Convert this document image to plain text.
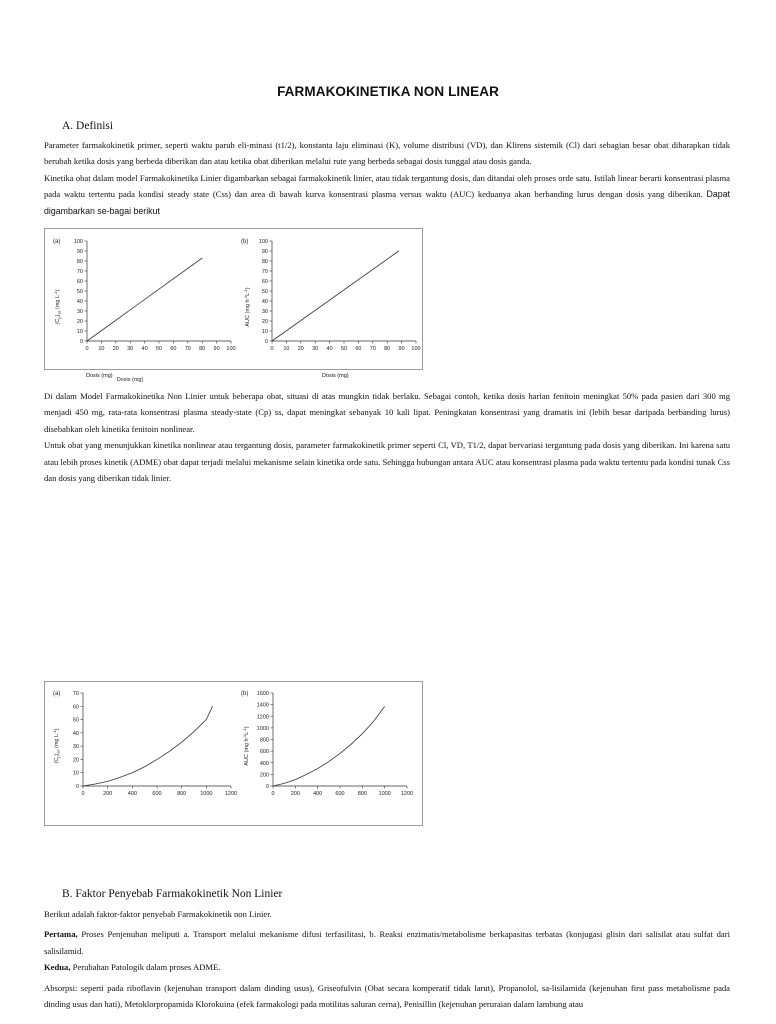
FARMAKOKINETIKA NON LINEAR
A. Definisi

Parameter farmakokinetik primer, seperti waktu paruh eli-minasi (t1/2), konstanta laju eliminasi (K), volume distribusi (VD), dan Klirens sistemik (Cl) dari sebagian besar obat diharapkan tidak berubah ketika dosis yang berbeda diberikan dan atau ketika obat diberikan melalui rute yang berbeda sebagai dosis tunggal atau dosis ganda.

Kinetika obat dalam model Farmakokinetika Linier digambarkan sebagai farmakokinetik linier, atau tidak tergantung dosis, dan ditandai oleh proses orde satu. Istilah linear berarti konsentrasi plasma pada waktu tertentu pada kondisi steady state (Css) dan area di bawah kurva konsentrasi plasma versus waktu (AUC) keduanya akan berbanding lurus dengan dosis yang diberikan. Dapat digambarkan se-bagai berikut

(a)	(b)
$(C_p)_{ss}$ (mg $L^{-1}$)
AUC (mg $h^{-1}L^{-1}$)
Dosis (mg)
0 10 20 30 40 50 60 70 80 90 100
0
10
20
30
40
50
60
70
80
90
100
0 10 20 30 40 50 60 70 80 90 100
0
10
20
30
40
50
60
70
80
90
100
Dosis (mg)	Dosis (mg)

Di dalam Model Farmakokinetika Non Linier untuk beberapa obat, situasi di atas mungkin tidak berlaku. Sebagai contoh, ketika dosis harian fenitoin meningkat 50% pada pasien dari 300 mg menjadi 450 mg, rata-rata konsentrasi plasma steady-state (Cp) ss, dapat meningkat sebanyak 10 kali lipat. Peningkatan konsentrasi yang dramatis ini (lebih besar daripada berbanding lurus) disebabkan oleh kinetika fenitoin nonlinear.

Untuk obat yang menunjukkan kinetika nonlinear atau tergantung dosis, parameter farmakokinetik primer seperti Cl, VD, T1/2, dapat bervariasi tergantung pada dosis yang diberikan. Ini karena satu atau lebih proses kinetik (ADME) obat dapat terjadi melalui mekanisme selain kinetika orde satu. Sehingga hubungan antara AUC atau konsentrasi plasma pada waktu tertentu pada kondisi tunak Css dan dosis yang diberikan tidak linier.

(a)	(b)
$(C_p)_{ss}$ (mg $L^{-1}$)
AUC (mg $h^{-1}L^{-1}$)
0	200	400	600	800	1000 1200
0
10
20
30
40
50
60
70
0	200 400 600 800 1000 1200
0
200
400
600
800
1000
1200
1400
1600
B. Faktor Penyebab Farmakokinetik Non Linier

Berikut adalah faktor-faktor penyebab Farmakokinetik non Linier.

Pertama, Proses Penjenuhan meliputi a. Transport melalui mekanisme difusi terfasilitasi, b. Reaksi enzimatis/metabolisme berkapasitas terbatas (konjugasi glisin dari salisilat atau sulfat dari salisilamid.

Kedua, Perubahan Patologik dalam proses ADME.

Absorpsi: seperti pada riboflavin (kejenuhan transport dalam dinding usus), Griseofulvin (Obat secara komperatif tidak larut), Propanolol, sa-lisilamida (kejenuhan first pass metabolisme pada dinding usus dan hati), Metoklorpropamida Klorokuina (efek farmakologi pada motilitas saluran cerna), Penisillin (kejenuhan peruraian dalam lambung atau
